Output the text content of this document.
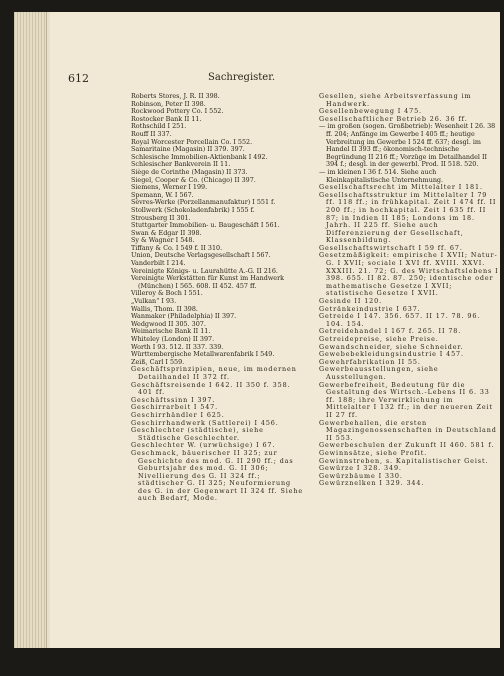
612	Sachregister.

Roberts Stores, J. R. II 398.

Robinson, Peter II 398.

Rockwood Pottery Co. I 552.

Rostocker Bank II 11.

Rothschild I 251.

Rouff II 337.

Royal Worcester Porcellain Co. I 552.

Samaritaine (Magasin) II 379. 397.

Schlesische Immobilien-Aktienbank I 492.

Schlesischer Bankverein II 11.

Siège de Corinthe (Magasin) II 373.

Siegel, Cooper & Co. (Chicago) II 397.

Siemens, Werner I 199.

Spemann, W. I 567.

Sèvres-Werke (Porzellanmanufaktur) I 551 f.

Stollwerk (Schokoladenfabrik) I 555 f.

Strousberg II 301.

Stuttgarter Immobilien- u. Baugeschäft I 561.

Swan & Edgar II 398.

Sy & Wagner I 548.

Tiffany & Co. I 549 f. II 310.

Union, Deutsche Verlagsgesellschaft I 567.

Vanderbilt I 214.

Vereinigte Königs- u. Laurahütte A.-G. II 216.

Vereinigte Werkstätten für Kunst im Handwerk (München) I 565. 608. II 452. 457 ff.

Villeroy & Boch I 551.

„Vulkan“ I 93.

Wallis, Thom. II 398.

Wanmaker (Philadelphia) II 397.

Wedgwood II 305. 307.

Weimarische Bank II 11.

Whiteley (London) II 397.

Worth I 93. 512. II 337. 339.

Württembergische Metallwarenfabrik I 549.

Zeiß, Carl I 559.

Geschäftsprinzipien, neue, im modernen Detailhandel II 372 ff.

Geschäftsreisende I 642. II 350 f. 358. 401 ff.

Geschäftssinn I 397.

Geschirrarbeit I 547.

Geschirrhändler I 625.

Geschirrhandwerk (Sattlerei) I 456.

Geschlechter (städtische), siehe Städtische Geschlechter.

Geschlechter W. (urwüchsige) I 67.

Geschmack, bäuerischer II 325; zur Geschichte des mod. G. II 290 ff.; das Geburtsjahr des mod. G. II 306; Nivellierung des G. II 324 ff.; städtischer G. II 325; Neuformierung des G. in der Gegenwart II 324 ff. Siehe auch Bedarf, Mode.

Gesellen, siehe Arbeitsverfassung im Handwerk.

Gesellenbewegung I 475.

Gesellschaftlicher Betrieb 26. 36 ff.

— im großen (sogen. Großbetrieb): Wesenheit I 26. 38 ff. 204; Anfänge im Gewerbe I 405 ff.; heutige Verbreitung im Gewerbe I 524 ff. 637; desgl. im Handel II 393 ff.; ökonomisch-technische Begründung II 216 ff.; Vorzüge im Detailhandel II 394 f.; desgl. in der gewerbl. Prod. II 518. 520.

— im kleinen I 36 f. 514. Siehe auch Kleinkapitalistische Unternehmung.

Gesellschaftsrecht im Mittelalter I 181.

Gesellschaftsstruktur im Mittelalter I 79 ff. 118 ff.; in frühkapital. Zeit I 474 ff. II 200 ff.; in hochkapital. Zeit I 635 ff. II 87; in Indien II 185; Londons im 18. Jahrh. II 225 ff. Siehe auch Differenzierung der Gesellschaft, Klassenbildung.

Gesellschaftswirtschaft I 59 ff. 67.

Gesetzmäßigkeit: empirische I XVII; Natur-G. I XVII; sociale I XVI ff. XVIII. XXVI. XXXIII. 21. 72; G. des Wirtschaftslebens I 398. 655. II 82. 87. 250; identische oder mathematische Gesetze I XVII; statistische Gesetze I XVII.

Gesinde II 120.

Getränkeindustrie I 637.

Getreide I 147. 356. 657. II 17. 78. 96. 104. 154.

Getreidehandel I 167 f. 265. II 78.

Getreidepreise, siehe Preise.

Gewandschneider, siehe Schneider.

Gewebebekleidungsindustrie I 457.

Gewehrfabrikation II 55.

Gewerbeausstellungen, siehe Ausstellungen.

Gewerbefreiheit, Bedeutung für die Gestaltung des Wirtsch.-Lebens II 6. 33 ff. 188; ihre Verwirklichung im Mittelalter I 132 ff.; in der neueren Zeit II 27 ff.

Gewerbehallen, die ersten Magazingenossenschaften in Deutschland II 553.

Gewerbeschulen der Zukunft II 460. 581 f.

Gewinnsätze, siehe Profit.

Gewinnstreben, s. Kapitalistischer Geist.

Gewürze I 328. 349.

Gewürzbäume I 330.

Gewürznelken I 329. 344.
